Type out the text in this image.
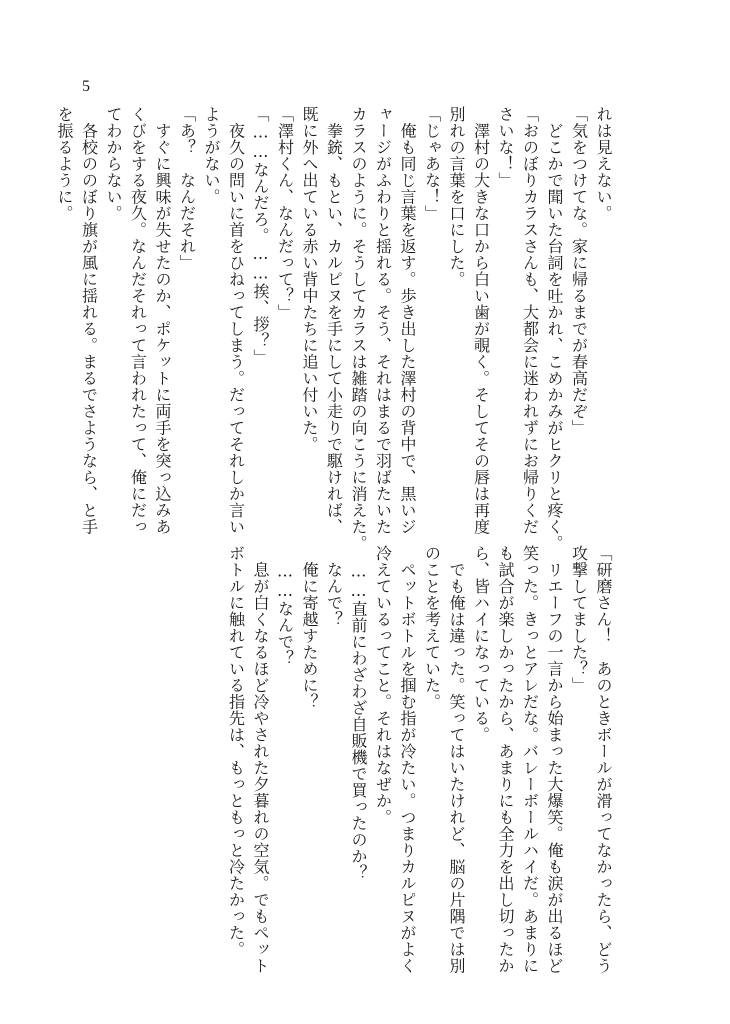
5
れは見えない。
「気をつけてな。家に帰るまでが春高だぞ」
　どこかで聞いた台詞を吐かれ、こめかみがヒクリと疼く。
「おのぼりカラスさんも、大都会に迷われずにお帰りくだ
さいな！」
　澤村の大きな口から白い歯が覗く。そしてその唇は再度
別れの言葉を口にした。
「じゃあな！」
　俺も同じ言葉を返す。歩き出した澤村の背中で、黒いジ
ャージがふわりと揺れる。そう、それはまるで羽ばたいた
カラスのように。そうしてカラスは雑踏の向こうに消えた。
　拳銃、もとい、カルピヌを手にして小走りで駆ければ、
既に外へ出ている赤い背中たちに追い付いた。
「澤村くん、なんだって？」
「……なんだろ。……挨、拶？」
　夜久の問いに首をひねってしまう。だってそれしか言い
ようがない。
「あ？　なんだそれ」
　すぐに興味が失せたのか、ポケットに両手を突っ込みあ
くびをする夜久。なんだそれって言われたって、俺にだっ
てわからない。
　各校ののぼり旗が風に揺れる。まるでさようなら、と手
を振るように。
「研磨さん！　あのときボールが滑ってなかったら、どう
攻撃してました？」
　リエーフの一言から始まった大爆笑。俺も涙が出るほど
笑った。きっとアレだな。バレーボールハイだ。あまりに
も試合が楽しかったから、あまりにも全力を出し切ったか
ら、皆ハイになっている。
　でも俺は違った。笑ってはいたけれど、脳の片隅では別
のことを考えていた。
　ペットボトルを掴む指が冷たい。つまりカルピヌがよく
冷えているってこと。それはなぜか。
　……直前にわざわざ自販機で買ったのか？
　なんで？
　俺に寄越すために？
　……なんで？
　息が白くなるほど冷やされた夕暮れの空気。でもペット
ボトルに触れている指先は、もっともっと冷たかった。
